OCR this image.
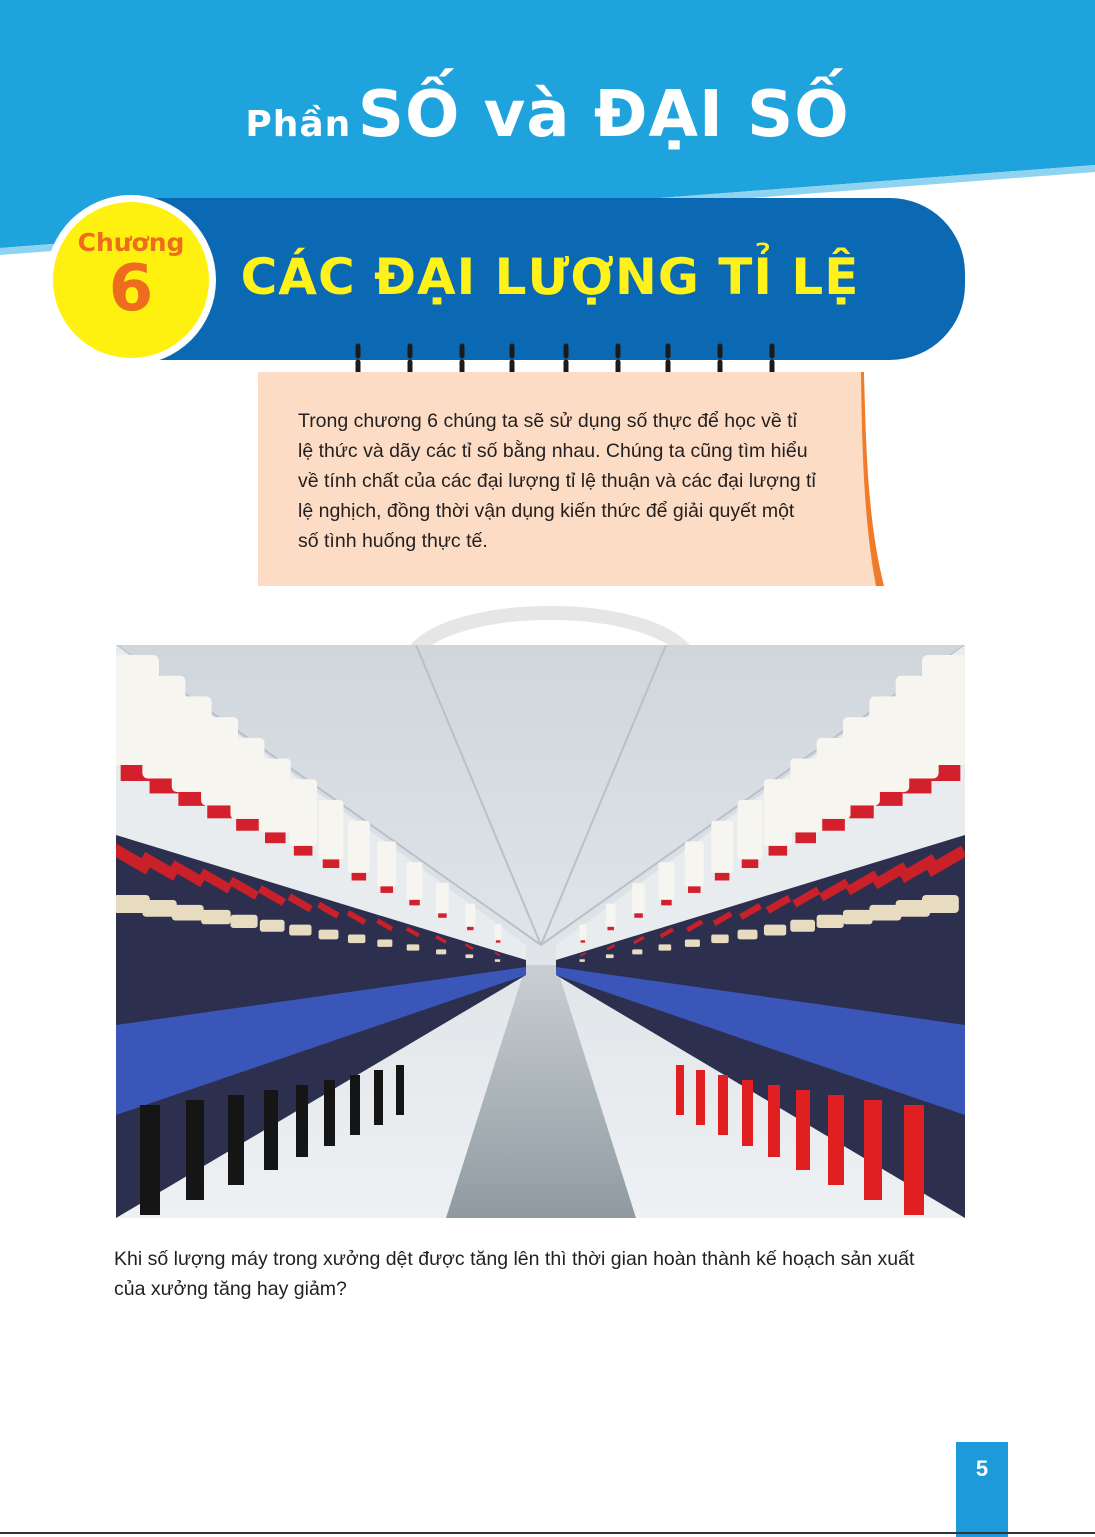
Phần SỐ và ĐẠI SỐ
CÁC ĐẠI LƯỢNG TỈ LỆ
Chương
6
Trong chương 6 chúng ta sẽ sử dụng số thực để học về tỉ
lệ thức và dãy các tỉ số bằng nhau. Chúng ta cũng tìm hiểu
về tính chất của các đại lượng tỉ lệ thuận và các đại lượng tỉ
lệ nghịch, đồng thời vận dụng kiến thức để giải quyết một
số tình huống thực tế.
Khi số lượng máy trong xưởng dệt được tăng lên thì thời gian hoàn thành kế hoạch sản xuất
của xưởng tăng hay giảm?
5
